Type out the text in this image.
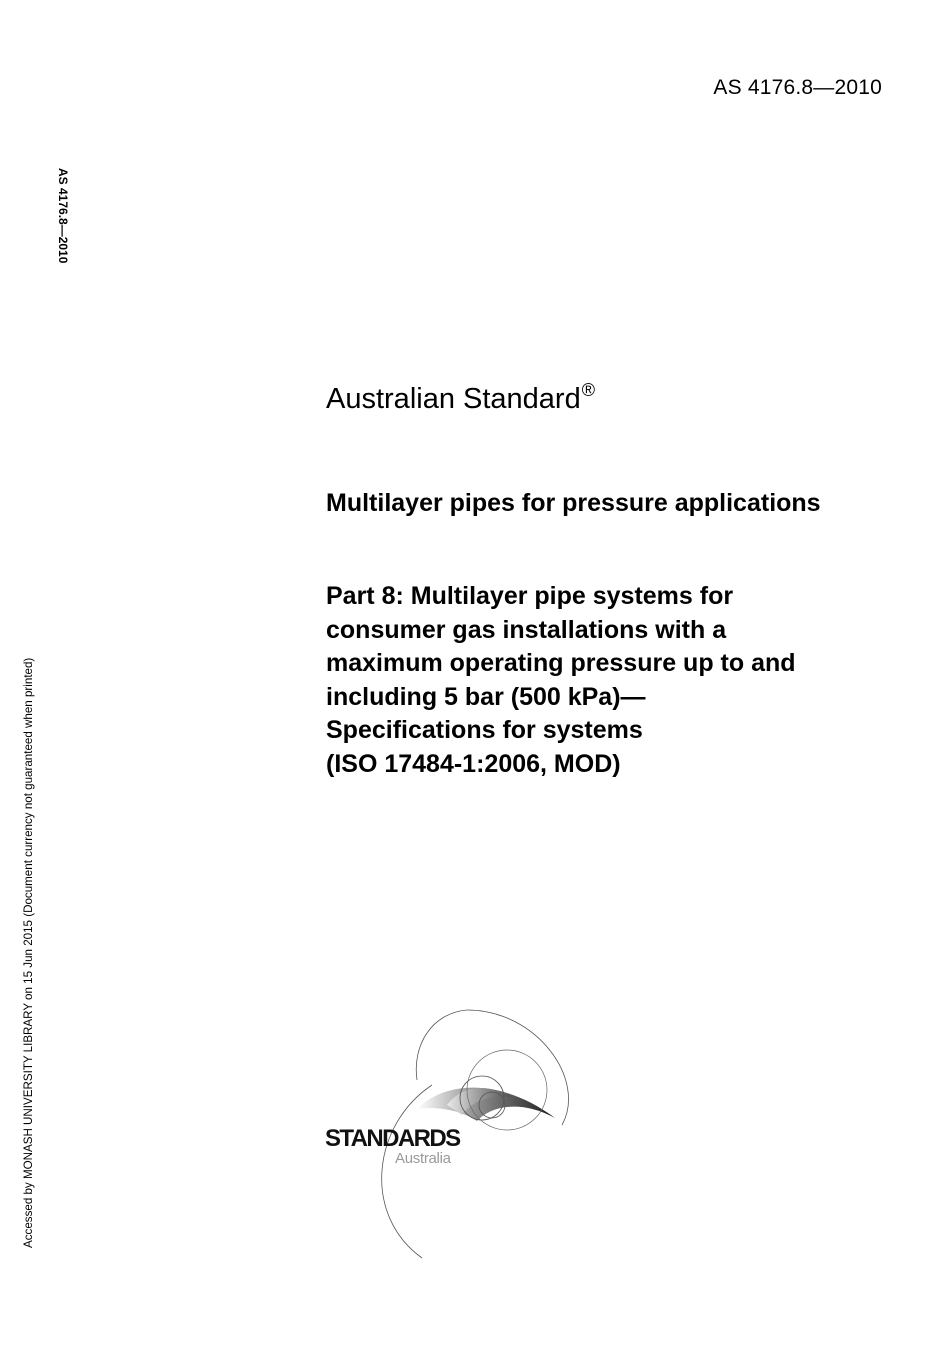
AS 4176.8—2010
AS 4176.8—2010
Accessed by MONASH UNIVERSITY LIBRARY on 15 Jun 2015 (Document currency not guaranteed when printed)
Australian Standard®
Multilayer pipes for pressure applications
Part 8: Multilayer pipe systems for
consumer gas installations with a
maximum operating pressure up to and
including 5 bar (500 kPa)—
Specifications for systems
(ISO 17484-1:2006, MOD)
STANDARDS
Australia
